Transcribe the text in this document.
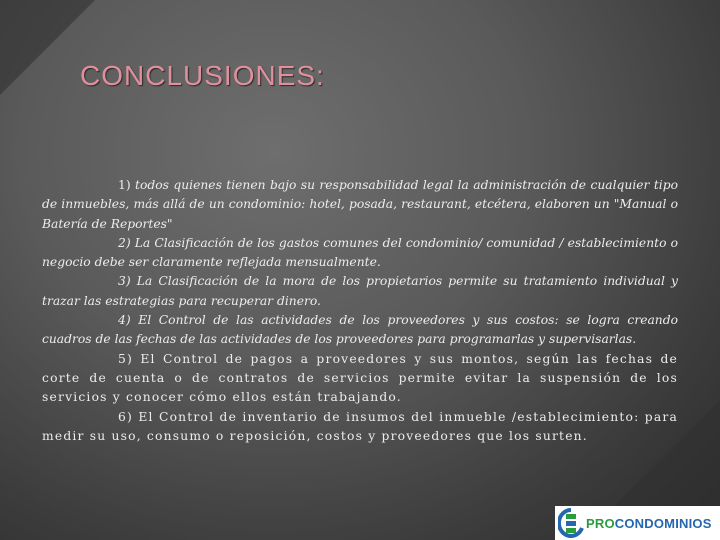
CONCLUSIONES:

1) todos quienes tienen bajo su responsabilidad legal la administración de cualquier tipo de inmuebles, más allá de un condominio: hotel, posada, restaurant, etcétera, elaboren un "Manual o Batería de Reportes"

2) La Clasificación de los gastos comunes del condominio/ comunidad / establecimiento o negocio debe ser claramente reflejada mensualmente.

3) La Clasificación de la mora de los propietarios permite su tratamiento individual y trazar las estrategias para recuperar dinero.

4) El Control de las actividades de los proveedores y sus costos: se logra creando cuadros de las fechas de las actividades de los proveedores para programarlas y supervisarlas.

5) El Control de pagos a proveedores y sus montos, según las fechas de corte de cuenta o de contratos de servicios permite evitar la suspensión de los servicios y conocer cómo ellos están trabajando.

6) El Control de inventario de insumos del inmueble /establecimiento: para medir su uso, consumo o reposición, costos y proveedores que los surten.

PROCONDOMINIOS
